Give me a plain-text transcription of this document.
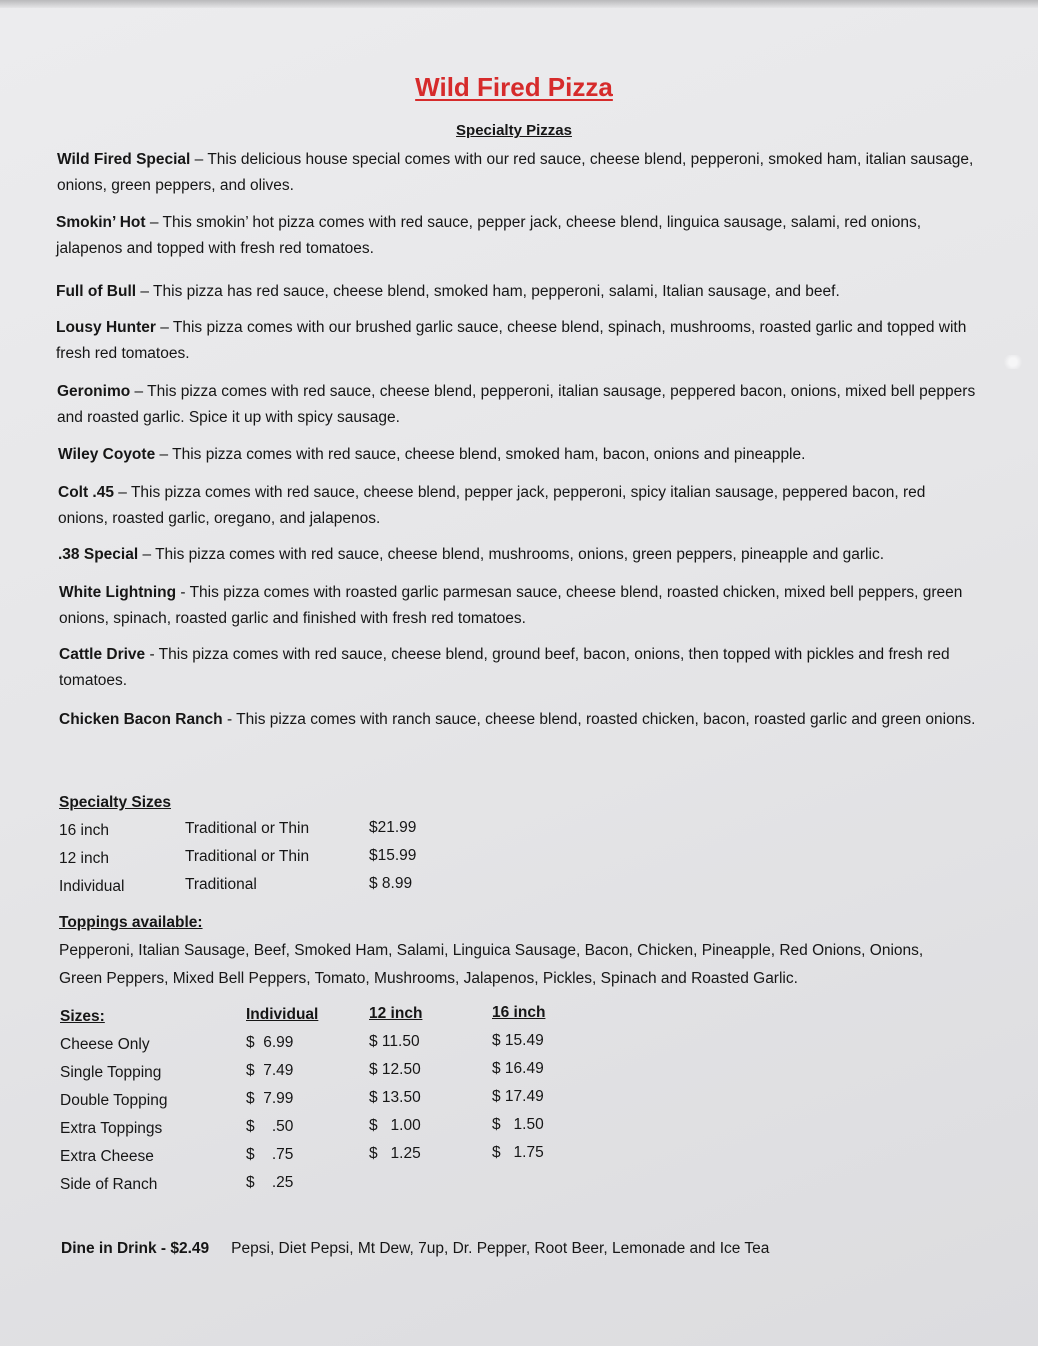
Wild Fired Pizza
Specialty Pizzas
Wild Fired Special – This delicious house special comes with our red sauce, cheese blend, pepperoni, smoked ham, italian sausage, onions, green peppers, and olives.
Smokin’ Hot – This smokin’ hot pizza comes with red sauce, pepper jack, cheese blend, linguica sausage, salami, red onions, jalapenos and topped with fresh red tomatoes.
Full of Bull – This pizza has red sauce, cheese blend, smoked ham, pepperoni, salami, Italian sausage, and beef.
Lousy Hunter – This pizza comes with our brushed garlic sauce, cheese blend, spinach, mushrooms, roasted garlic and topped with fresh red tomatoes.
Geronimo – This pizza comes with red sauce, cheese blend, pepperoni, italian sausage, peppered bacon, onions, mixed bell peppers and roasted garlic. Spice it up with spicy sausage.
Wiley Coyote – This pizza comes with red sauce, cheese blend, smoked ham, bacon, onions and pineapple.
Colt .45 – This pizza comes with red sauce, cheese blend, pepper jack, pepperoni, spicy italian sausage, peppered bacon, red onions, roasted garlic, oregano, and jalapenos.
.38 Special – This pizza comes with red sauce, cheese blend, mushrooms, onions, green peppers, pineapple and garlic.
White Lightning - This pizza comes with roasted garlic parmesan sauce, cheese blend, roasted chicken, mixed bell peppers, green onions, spinach, roasted garlic and finished with fresh red tomatoes.
Cattle Drive - This pizza comes with red sauce, cheese blend, ground beef, bacon, onions, then topped with pickles and fresh red tomatoes.
Chicken Bacon Ranch - This pizza comes with ranch sauce, cheese blend, roasted chicken, bacon, roasted garlic and green onions.
Specialty Sizes
16 inch	Traditional or Thin	$21.99
12 inch	Traditional or Thin	$15.99
Individual	Traditional	$ 8.99
Toppings available:
Pepperoni, Italian Sausage, Beef, Smoked Ham, Salami, Linguica Sausage, Bacon, Chicken, Pineapple, Red Onions, Onions, Green Peppers, Mixed Bell Peppers, Tomato, Mushrooms, Jalapenos, Pickles, Spinach and Roasted Garlic.
Sizes:	Individual	12 inch	16 inch
Cheese Only	$  6.99	$ 11.50	$ 15.49
Single Topping	$  7.49	$ 12.50	$ 16.49
Double Topping	$  7.99	$ 13.50	$ 17.49
Extra Toppings	$    .50	$   1.00	$   1.50
Extra Cheese	$    .75	$   1.25	$   1.75
Side of Ranch	$    .25
Dine in Drink - $2.49 Pepsi, Diet Pepsi, Mt Dew, 7up, Dr. Pepper, Root Beer, Lemonade and Ice Tea
